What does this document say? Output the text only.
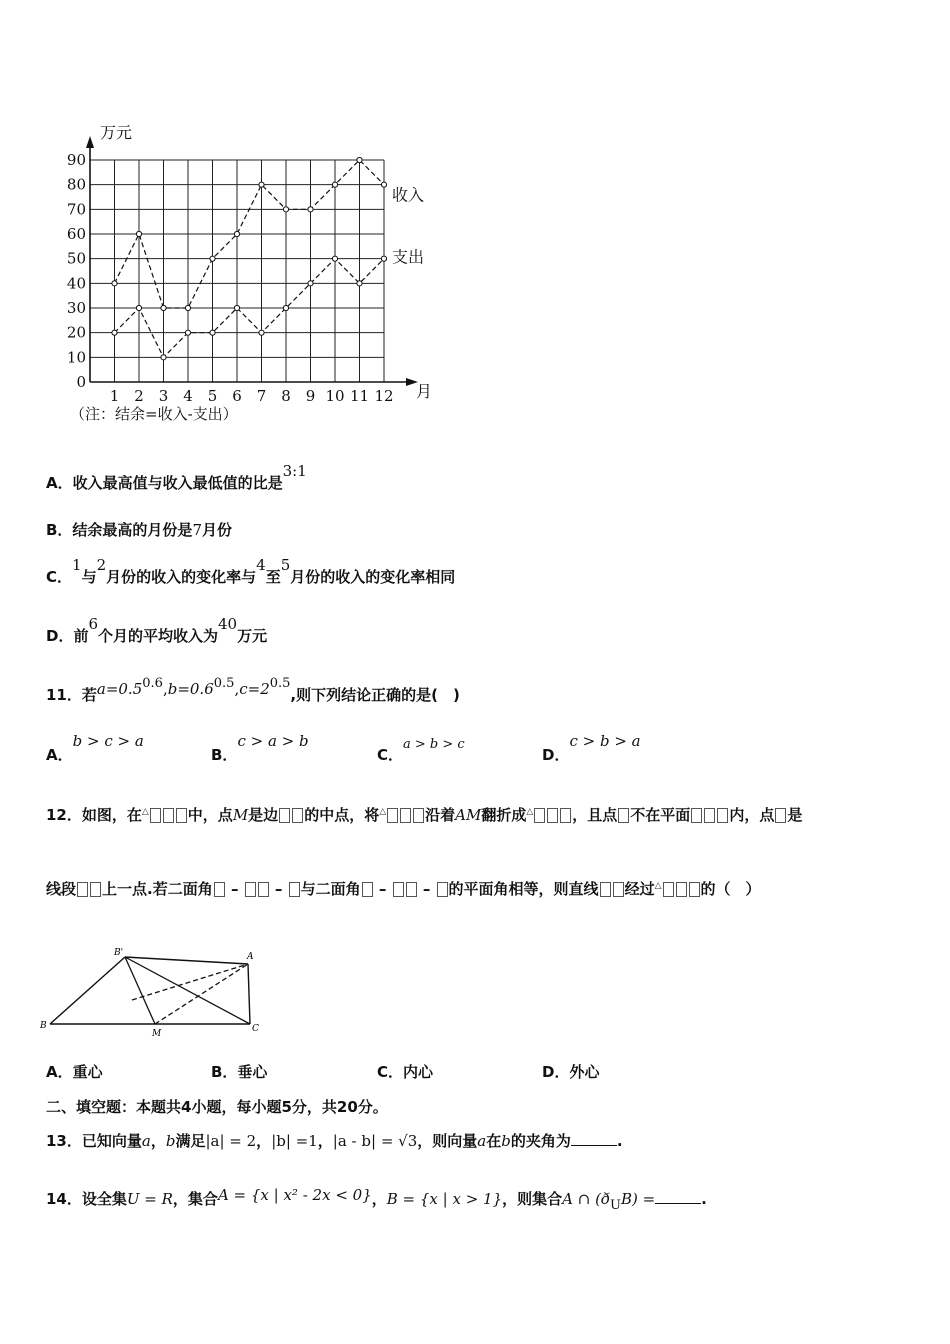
0
10
20
30
40
50
60
70
80
90
1 2 3 4 5 6 7 8 9 10 11 12
万元
月
收入
支出
（注：结余=收入-支出）
A．收入最高值与收入最低值的比是3:1
B．结余最高的月份是7月份
C．1与2月份的收入的变化率与4至5月份的收入的变化率相同
D．前6个月的平均收入为40万元
11．若a=0.50.6,b=0.60.5,c=20.5,则下列结论正确的是(　)
A．b > c > a
B．c > a > b
C．a > b > c
D．c > b > a
12．如图，在△	中，点M是边 的中点，将△	沿着AM翻折成△	，且点 不在平面	内，点 是
线段 上一点.若二面角 –  – 与二面角 –  – 的平面角相等，则直线 经过△	的（　）
B'	A
B
M	C
A．重心	B．垂心	C．内心	D．外心
二、填空题：本题共4小题，每小题5分，共20分。
13．已知向量a，b满足|a| = 2，|b| =1，|a - b| = √3，则向量a在b的夹角为	.
14．设全集U = R，集合A = {x | x² - 2x < 0}，B = {x | x > 1}，则集合A ∩ (ðUB) =	.
